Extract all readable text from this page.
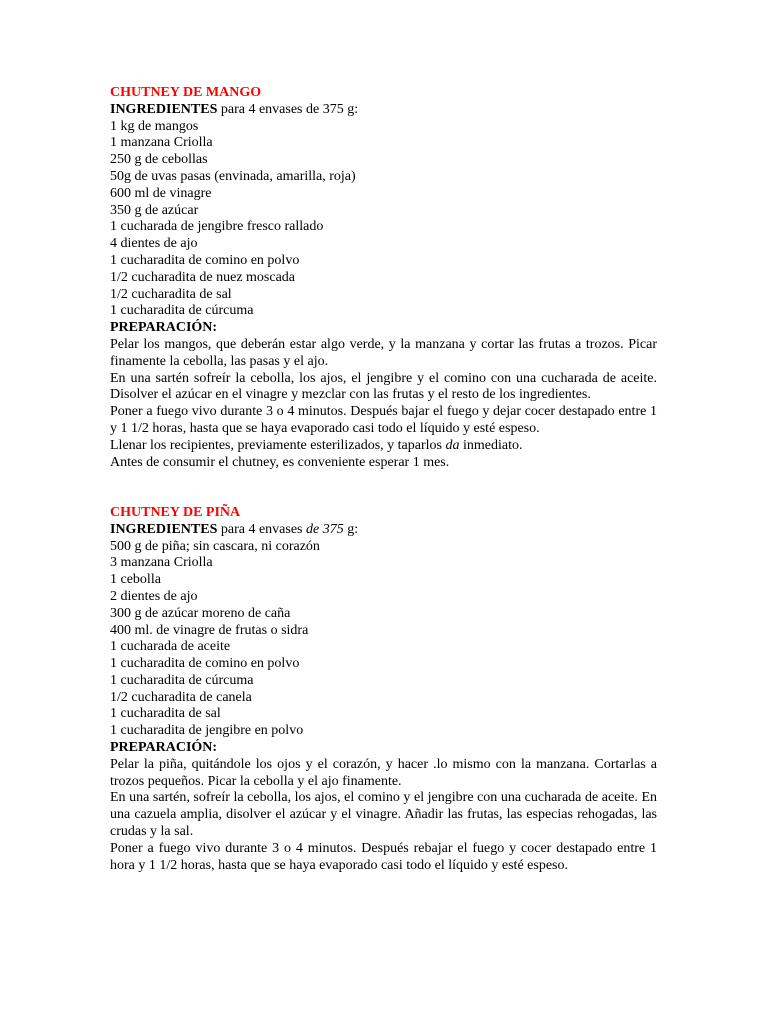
CHUTNEY DE MANGO

INGREDIENTES para 4 envases de 375 g:

1 kg de mangos
1 manzana Criolla
250 g de cebollas
50g de uvas pasas (envinada, amarilla, roja)
600 ml de vinagre
350 g de azúcar
1 cucharada de jengibre fresco rallado
4 dientes de ajo
1 cucharadita de comino en polvo
1/2 cucharadita de nuez moscada
1/2 cucharadita de sal
1 cucharadita de cúrcuma

PREPARACIÓN:

Pelar los mangos, que deberán estar algo verde, y la manzana y cortar las frutas a trozos. Picar finamente la cebolla, las pasas y el ajo.

En una sartén sofreír la cebolla, los ajos, el jengibre y el comino con una cucharada de aceite. Disolver el azúcar en el vinagre y mezclar con las frutas y el resto de los ingredientes.

Poner a fuego vivo durante 3 o 4 minutos. Después bajar el fuego y dejar cocer destapado entre 1 y 1 1/2 horas, hasta que se haya evaporado casi todo el líquido y esté espeso.

Llenar los recipientes, previamente esterilizados, y taparlos da inmediato.

Antes de consumir el chutney, es conveniente esperar 1 mes.

CHUTNEY DE PIÑA

INGREDIENTES para 4 envases de 375 g:

500 g de piña; sin cascara, ni corazón
3 manzana Criolla
1 cebolla
2 dientes de ajo
300 g de azúcar moreno de caña
400 ml. de vinagre de frutas o sidra
1 cucharada de aceite
1 cucharadita de comino en polvo
1 cucharadita de cúrcuma
1/2 cucharadita de canela
1 cucharadita de sal
1 cucharadita de jengibre en polvo

PREPARACIÓN:

Pelar la piña, quitándole los ojos y el corazón, y hacer .lo mismo con la manzana. Cortarlas a trozos pequeños. Picar la cebolla y el ajo finamente.

En una sartén, sofreír la cebolla, los ajos, el comino y el jengibre con una cucharada de aceite. En una cazuela amplia, disolver el azúcar y el vinagre. Añadir las frutas, las especias rehogadas, las crudas y la sal.

Poner a fuego vivo durante 3 o 4 minutos. Después rebajar el fuego y cocer destapado entre 1 hora y 1 1/2 horas, hasta que se haya evaporado casi todo el líquido y esté espeso.
